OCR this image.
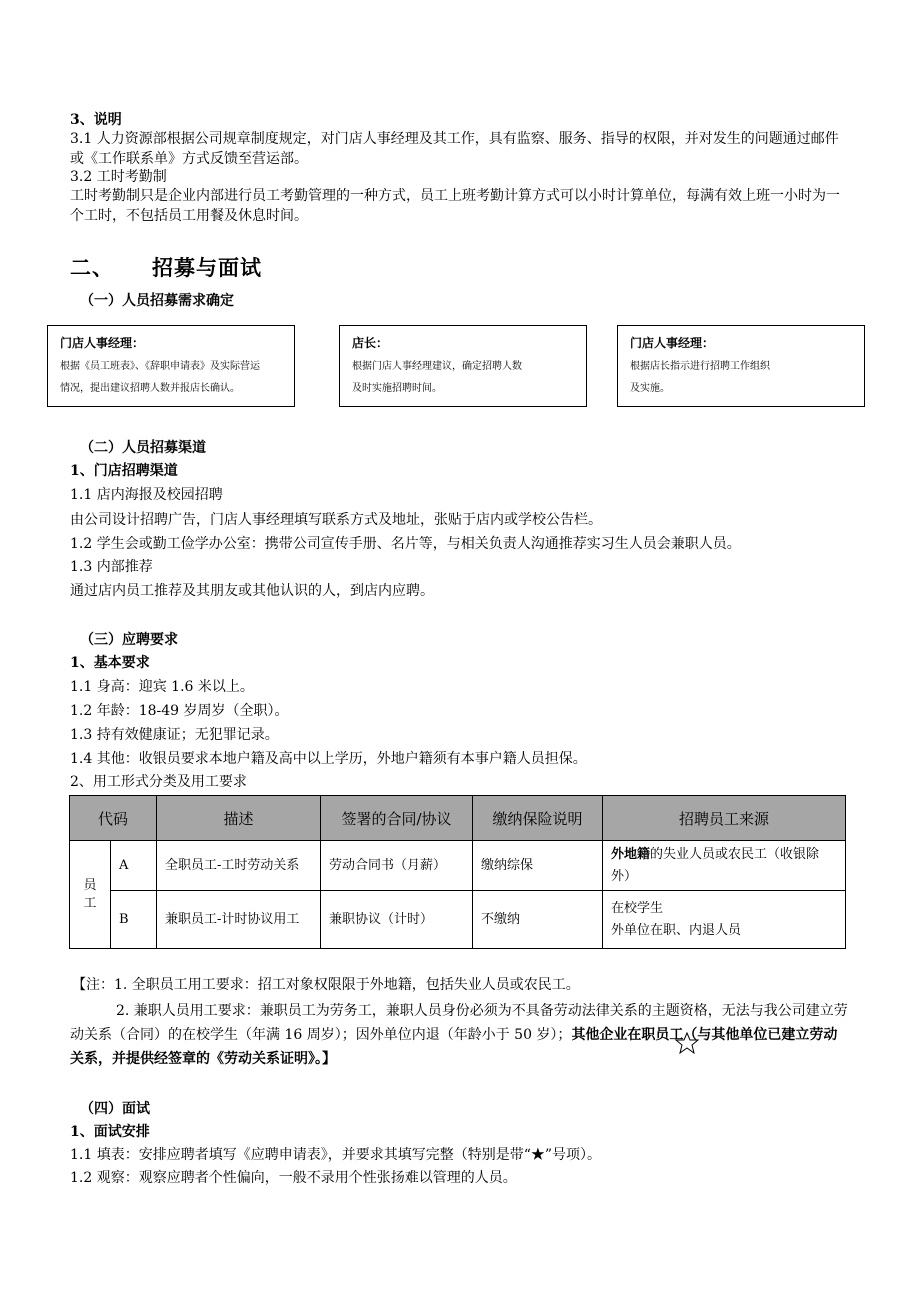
3、说明
3.1 人力资源部根据公司规章制度规定，对门店人事经理及其工作，具有监察、服务、指导的权限，并对发生的问题通过邮件或《工作联系单》方式反馈至营运部。
3.2 工时考勤制
工时考勤制只是企业内部进行员工考勤管理的一种方式，员工上班考勤计算方式可以小时计算单位，每满有效上班一小时为一个工时，不包括员工用餐及休息时间。
二、 招募与面试
（一）人员招募需求确定
门店人事经理：
根据《员工班表》、《辞职申请表》及实际营运
情况，提出建议招聘人数并报店长确认。
店长：
根据门店人事经理建议，确定招聘人数
及时实施招聘时间。
门店人事经理：
根据店长指示进行招聘工作组织
及实施。
（二）人员招募渠道
1、门店招聘渠道
1.1 店内海报及校园招聘
由公司设计招聘广告，门店人事经理填写联系方式及地址，张贴于店内或学校公告栏。
1.2 学生会或勤工俭学办公室：携带公司宣传手册、名片等，与相关负责人沟通推荐实习生人员会兼职人员。
1.3 内部推荐
通过店内员工推荐及其朋友或其他认识的人，到店内应聘。
（三）应聘要求
1、基本要求
1.1 身高：迎宾 1.6 米以上。
1.2 年龄：18-49 岁周岁（全职）。
1.3 持有效健康证；无犯罪记录。
1.4 其他：收银员要求本地户籍及高中以上学历，外地户籍须有本事户籍人员担保。
2、用工形式分类及用工要求
代码		描述	签署的合同/协议	缴纳保险说明	招聘员工来源

员工	A	全职员工-工时劳动关系	劳动合同书（月薪）	缴纳综保	外地籍的失业人员或农民工（收银除外）
	B	兼职员工-计时协议用工	兼职协议（计时）	不缴纳	在校学生
外单位在职、内退人员
【注：1. 全职员工用工要求：招工对象权限限于外地籍，包括失业人员或农民工。
2. 兼职人员用工要求：兼职员工为劳务工，兼职人员身份必须为不具备劳动法律关系的主题资格，无法与我公司建立劳动关系（合同）的在校学生（年满 16 周岁）；因外单位内退（年龄小于 50 岁）；其他企业在职员工（与其他单位已建立劳动关系，并提供经签章的《劳动关系证明》。】
（四）面试
1、面试安排
1.1 填表：安排应聘者填写《应聘申请表》，并要求其填写完整（特别是带“★”号项）。
1.2 观察：观察应聘者个性偏向，一般不录用个性张扬难以管理的人员。
